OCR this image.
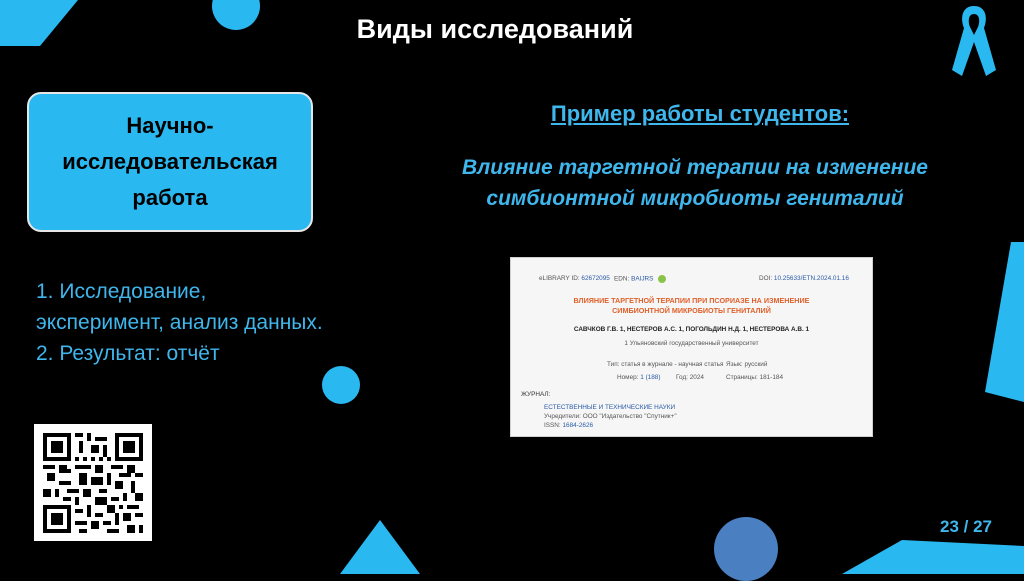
Виды исследований
Научно-исследовательская работа
1. Исследование, эксперимент, анализ данных.
2. Результат: отчёт
Пример работы студентов:
Влияние таргетной терапии на изменение симбионтной микробиоты гениталий
eLIBRARY ID: 62672095 EDN: BAIJRS	DOI: 10.25633/ETN.2024.01.16
ВЛИЯНИЕ ТАРГЕТНОЙ ТЕРАПИИ ПРИ ПСОРИАЗЕ НА ИЗМЕНЕНИЕ
СИМБИОНТНОЙ МИКРОБИОТЫ ГЕНИТАЛИЙ
САВЧКОВ Г.В. 1, НЕСТЕРОВ А.С. 1, ПОГОЛЬДИН Н.Д. 1, НЕСТЕРОВА А.В. 1
1 Ульяновский государственный университет
Тип: статья в журнале - научная статья Язык: русский
Номер: 1 (188) Год: 2024	Страницы: 181-184
ЖУРНАЛ:
ЕСТЕСТВЕННЫЕ И ТЕХНИЧЕСКИЕ НАУКИ
Учредители: ООО "Издательство "Спутник+"
ISSN: 1684-2626
23 / 27
